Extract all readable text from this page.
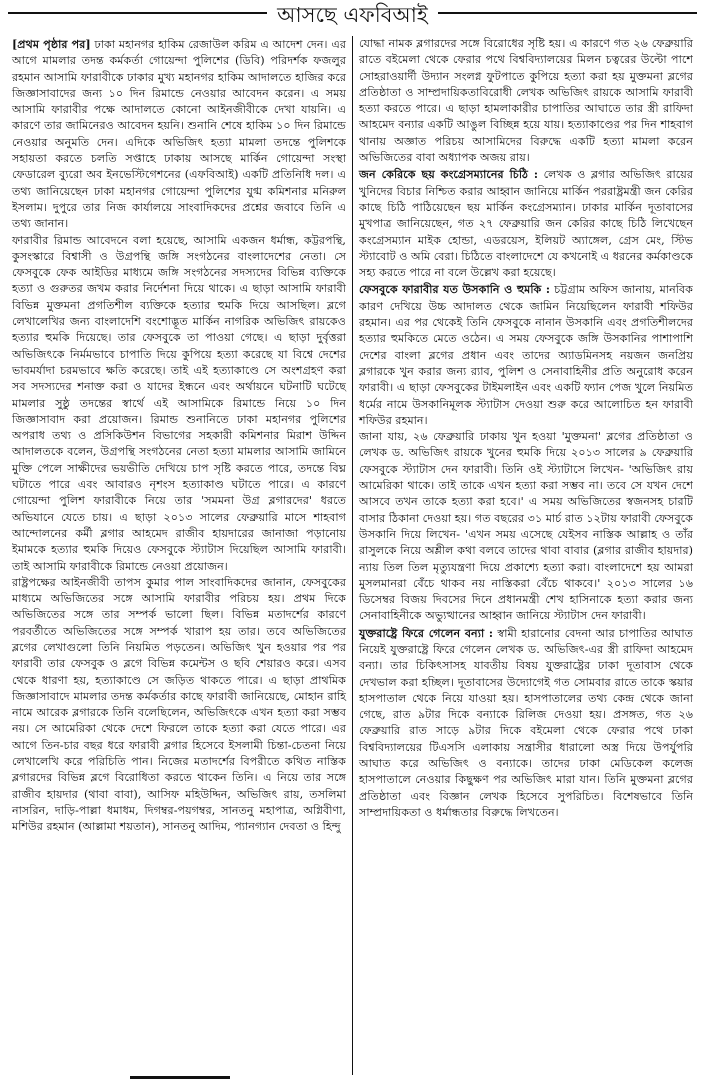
আসছে এফবিআই

[প্রথম পৃষ্ঠার পর] ঢাকা মহানগর হাকিম রেজাউল করিম এ আদেশ দেন। এর আগে মামলার তদন্ত কর্মকর্তা গোয়েন্দা পুলিশের (ডিবি) পরিদর্শক ফজলুর রহমান আসামি ফারাবীকে ঢাকার মুখ্য মহানগর হাকিম আদালতে হাজির করে জিজ্ঞাসাবাদের জন্য ১০ দিন রিমান্ডে নেওয়ার আবেদন করেন। এ সময় আসামি ফারাবীর পক্ষে আদালতে কোনো আইনজীবীকে দেখা যায়নি। এ কারণে তার জামিনেরও আবেদন হয়নি। শুনানি শেষে হাকিম ১০ দিন রিমান্ডে নেওয়ার অনুমতি দেন। এদিকে অভিজিৎ হত্যা মামলা তদন্তে পুলিশকে সহায়তা করতে চলতি সপ্তাহে ঢাকায় আসছে মার্কিন গোয়েন্দা সংস্থা ফেডারেল ব্যুরো অব ইনভেস্টিগেশনের (এফবিআই) একটি প্রতিনিধি দল। এ তথ্য জানিয়েছেন ঢাকা মহানগর গোয়েন্দা পুলিশের যুগ্ম কমিশনার মনিরুল ইসলাম। দুপুরে তার নিজ কার্যালয়ে সাংবাদিকদের প্রশ্নের জবাবে তিনি এ তথ্য জানান।

ফারাবীর রিমান্ড আবেদনে বলা হয়েছে, আসামি একজন ধর্মান্ধ, কট্টরপন্থি, কুসংস্কারে বিশ্বাসী ও উগ্রপন্থি জঙ্গি সংগঠনের বাংলাদেশের নেতা। সে ফেসবুকে ফেক আইডির মাধ্যমে জঙ্গি সংগঠনের সদস্যদের বিভিন্ন ব্যক্তিকে হত্যা ও গুরুতর জখম করার নির্দেশনা দিয়ে থাকে। এ ছাড়া আসামি ফারাবী বিভিন্ন মুক্তমনা প্রগতিশীল ব্যক্তিকে হত্যার হুমকি দিয়ে আসছিল। ব্লগে লেখালেখির জন্য বাংলাদেশি বংশোদ্ভূত মার্কিন নাগরিক অভিজিৎ রায়কেও হত্যার হুমকি দিয়েছে। তার ফেসবুকে তা পাওয়া গেছে। এ ছাড়া দুর্বৃত্তরা অভিজিৎকে নির্মমভাবে চাপাতি দিয়ে কুপিয়ে হত্যা করেছে যা বিশ্বে দেশের ভাবমর্যাদা চরমভাবে ক্ষতি করেছে। তাই এই হত্যাকাণ্ডে সে অংশগ্রহণ করা সব সদস্যদের শনাক্ত করা ও যাদের ইন্ধনে এবং অর্থায়নে ঘটনাটি ঘটেছে মামলার সুষ্ঠু তদন্তের স্বার্থে এই আসামিকে রিমান্ডে নিয়ে ১০ দিন জিজ্ঞাসাবাদ করা প্রয়োজন। রিমান্ড শুনানিতে ঢাকা মহানগর পুলিশের অপরাধ তথ্য ও প্রসিকিউশন বিভাগের সহকারী কমিশনার মিরাশ উদ্দিন আদালতকে বলেন, উগ্রপন্থি সংগঠনের নেতা হত্যা মামলার আসামি জামিনে মুক্তি পেলে সাক্ষীদের ভয়ভীতি দেখিয়ে চাপ সৃষ্টি করতে পারে, তদন্তে বিঘ্ন ঘটাতে পারে এবং আবারও নৃশংস হত্যাকাণ্ড ঘটাতে পারে। এ কারণে গোয়েন্দা পুলিশ ফারাবীকে নিয়ে তার 'সমমনা উগ্র ব্লগারদের' ধরতে অভিযানে যেতে চায়। এ ছাড়া ২০১৩ সালের ফেব্রুয়ারি মাসে শাহবাগ আন্দোলনের কর্মী ব্লগার আহমেদ রাজীব হায়দারের জানাজা পড়ানোয় ইমামকে হত্যার হুমকি দিয়েও ফেসবুকে স্ট্যাটাস দিয়েছিল আসামি ফারাবী। তাই আসামি ফারাবীকে রিমান্ডে নেওয়া প্রয়োজন।

রাষ্ট্রপক্ষের আইনজীবী তাপস কুমার পাল সাংবাদিকদের জানান, ফেসবুকের মাধ্যমে অভিজিতের সঙ্গে আসামি ফারাবীর পরিচয় হয়। প্রথম দিকে অভিজিতের সঙ্গে তার সম্পর্ক ভালো ছিল। বিভিন্ন মতাদর্শের কারণে পরবর্তীতে অভিজিতের সঙ্গে সম্পর্ক খারাপ হয় তার। তবে অভিজিতের ব্লগের লেখাগুলো তিনি নিয়মিত পড়তেন। অভিজিৎ খুন হওয়ার পর পর ফারাবী তার ফেসবুক ও ব্লগে বিভিন্ন কমেন্টস ও ছবি শেয়ারও করে। এসব থেকে ধারণা হয়, হত্যাকাণ্ডে সে জড়িত থাকতে পারে। এ ছাড়া প্রাথমিক জিজ্ঞাসাবাদে মামলার তদন্ত কর্মকর্তার কাছে ফারাবী জানিয়েছে, মোহান রাহি নামে আরেক ব্লগারকে তিনি বলেছিলেন, অভিজিৎকে এখন হত্যা করা সম্ভব নয়। সে আমেরিকা থেকে দেশে ফিরলে তাকে হত্যা করা যেতে পারে। এর আগে তিন-চার বছর ধরে ফারাবী ব্লগার হিসেবে ইসলামী চিন্তা-চেতনা নিয়ে লেখালেখি করে পরিচিতি পান। নিজের মতাদর্শের বিপরীতে কথিত নাস্তিক ব্লগারদের বিভিন্ন ব্লগে বিরোধিতা করতে থাকেন তিনি। এ নিয়ে তার সঙ্গে রাজীব হায়দার (থাবা বাবা), আসিফ মহিউদ্দিন, অভিজিৎ রায়, তসলিমা নাসরিন, দাড়ি-পাল্লা ধমাধম, দিগম্বর-পয়গম্বর, সানতনু মহাপাত্র, অগ্নিবীণা, মশিউর রহমান (আল্লামা শয়তান), সানতনু আদিম, প্যানগ্যান দেবতা ও হিন্দু

যোদ্ধা নামক ব্লগারদের সঙ্গে বিরোধের সৃষ্টি হয়। এ কারণে গত ২৬ ফেব্রুয়ারি রাতে বইমেলা থেকে ফেরার পথে বিশ্ববিদ্যালয়ের মিলন চত্বরের উল্টো পাশে সোহরাওয়ার্দী উদ্যান সংলগ্ন ফুটপাতে কুপিয়ে হত্যা করা হয় মুক্তমনা ব্লগের প্রতিষ্ঠাতা ও সাম্প্রদায়িকতাবিরোধী লেখক অভিজিৎ রায়কে আসামি ফারাবী হত্যা করতে পারে। এ ছাড়া হামলাকারীর চাপাতির আঘাতে তার স্ত্রী রাফিদা আহমেদ বন্যার একটি আঙুল বিচ্ছিন্ন হয়ে যায়। হত্যাকাণ্ডের পর দিন শাহবাগ থানায় অজ্ঞাত পরিচয় আসামিদের বিরুদ্ধে একটি হত্যা মামলা করেন অভিজিতের বাবা অধ্যাপক অজয় রায়।

জন কেরিকে ছয় কংগ্রেসম্যানের চিঠি : লেখক ও ব্লগার অভিজিৎ রায়ের খুনিদের বিচার নিশ্চিত করার আহ্বান জানিয়ে মার্কিন পররাষ্ট্রমন্ত্রী জন কেরির কাছে চিঠি পাঠিয়েছেন ছয় মার্কিন কংগ্রেসম্যান। ঢাকার মার্কিন দূতাবাসের মুখপাত্র জানিয়েছেন, গত ২৭ ফেব্রুয়ারি জন কেরির কাছে চিঠি লিখেছেন কংগ্রেসম্যান মাইক হোন্ডা, এডরয়েস, ইলিয়ট অ্যাঙ্গেল, গ্রেস মেং, স্টিভ স্ট্যাবোট ও অমি বেরা। চিঠিতে বাংলাদেশে যে কখনোই এ ধরনের কর্মকাণ্ডকে সহ্য করতে পারে না বলে উল্লেখ করা হয়েছে।

ফেসবুকে ফারাবীর যত উসকানি ও হুমকি : চট্টগ্রাম অফিস জানায়, মানবিক কারণ দেখিয়ে উচ্চ আদালত থেকে জামিন নিয়েছিলেন ফারাবী শফিউর রহমান। এর পর থেকেই তিনি ফেসবুকে নানান উসকানি এবং প্রগতিশীলদের হত্যার হুমকিতে মেতে ওঠেন। এ সময় ফেসবুকে জঙ্গি উসকানির পাশাপাশি দেশের বাংলা ব্লগের প্রধান এবং তাদের অ্যাডমিনসহ নয়জন জনপ্রিয় ব্লগারকে খুন করার জন্য র‌্যাব, পুলিশ ও সেনাবাহিনীর প্রতি অনুরোধ করেন ফারাবী। এ ছাড়া ফেসবুকের টাইমলাইন এবং একটি ফ্যান পেজ খুলে নিয়মিত ধর্মের নামে উসকানিমূলক স্ট্যাটাস দেওয়া শুরু করে আলোচিত হন ফারাবী শফিউর রহমান।

জানা যায়, ২৬ ফেব্রুয়ারি ঢাকায় খুন হওয়া 'মুক্তমনা' ব্লগের প্রতিষ্ঠাতা ও লেখক ড. অভিজিৎ রায়কে খুনের হুমকি দিয়ে ২০১৩ সালের ৯ ফেব্রুয়ারি ফেসবুকে স্ট্যাটাস দেন ফারাবী। তিনি ওই স্ট্যাটাসে লিখেন- 'অভিজিৎ রায় আমেরিকা থাকে। তাই তাকে এখন হত্যা করা সম্ভব না। তবে সে যখন দেশে আসবে তখন তাকে হত্যা করা হবে।' এ সময় অভিজিতের স্বজনসহ চারটি বাসার ঠিকানা দেওয়া হয়। গত বছরের ৩১ মার্চ রাত ১২টায় ফারাবী ফেসবুকে উসকানি দিয়ে লিখেন- 'এখন সময় এসেছে যেইসব নাস্তিক আল্লাহ ও তাঁর রাসুলকে নিয়ে অশ্লীল কথা বলবে তাদের থাবা বাবার (ব্লগার রাজীব হায়দার) ন্যায় তিল তিল মৃত্যুযন্ত্রণা দিয়ে প্রকাশ্যে হত্যা করা। বাংলাদেশে হয় আমরা মুসলমানরা বেঁচে থাকব নয় নাস্তিকরা বেঁচে থাকবে।' ২০১৩ সালের ১৬ ডিসেম্বর বিজয় দিবসের দিনে প্রধানমন্ত্রী শেখ হাসিনাকে হত্যা করার জন্য সেনাবাহিনীকে অভ্যুত্থানের আহ্বান জানিয়ে স্ট্যাটাস দেন ফারাবী।

যুক্তরাষ্ট্রে ফিরে গেলেন বন্যা : স্বামী হারানোর বেদনা আর চাপাতির আঘাত নিয়েই যুক্তরাষ্ট্রে ফিরে গেলেন লেখক ড. অভিজিৎ-এর স্ত্রী রাফিদা আহমেদ বন্যা। তার চিকিৎসাসহ যাবতীয় বিষয় যুক্তরাষ্ট্রের ঢাকা দূতাবাস থেকে দেখভাল করা হচ্ছিল। দূতাবাসের উদ্যোগেই গত সোমবার রাতে তাকে স্কয়ার হাসপাতাল থেকে নিয়ে যাওয়া হয়। হাসপাতালের তথ্য কেন্দ্র থেকে জানা গেছে, রাত ৯টার দিকে বন্যাকে রিলিজ দেওয়া হয়। প্রসঙ্গত, গত ২৬ ফেব্রুয়ারি রাত সাড়ে ৯টার দিকে বইমেলা থেকে ফেরার পথে ঢাকা বিশ্ববিদ্যালয়ের টিএসসি এলাকায় সন্ত্রাসীর ধারালো অস্ত্র দিয়ে উপর্যুপরি আঘাত করে অভিজিৎ ও বন্যাকে। তাদের ঢাকা মেডিকেল কলেজ হাসপাতালে নেওয়ার কিছুক্ষণ পর অভিজিৎ মারা যান। তিনি মুক্তমনা ব্লগের প্রতিষ্ঠাতা এবং বিজ্ঞান লেখক হিসেবে সুপরিচিত। বিশেষভাবে তিনি সাম্প্রদায়িকতা ও ধর্মান্ধতার বিরুদ্ধে লিখতেন।
